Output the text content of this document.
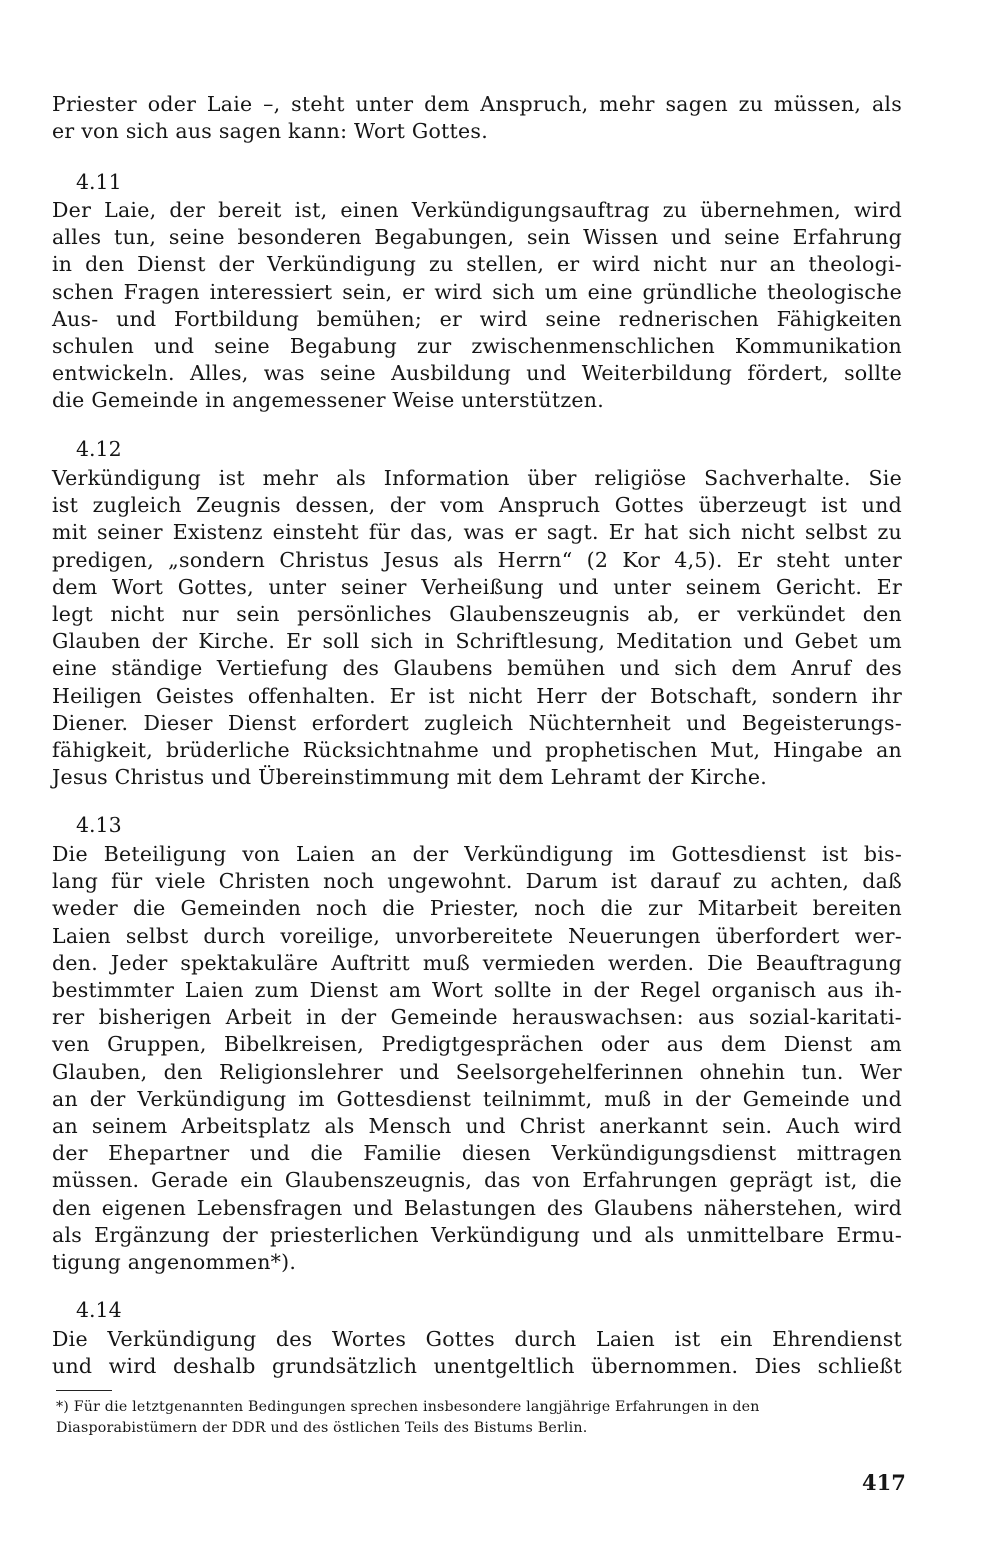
Priester oder Laie –, steht unter dem Anspruch, mehr sagen zu müssen, als
er von sich aus sagen kann: Wort Gottes.

4.11

Der Laie, der bereit ist, einen Verkündigungsauftrag zu übernehmen, wird
alles tun, seine besonderen Begabungen, sein Wissen und seine Erfahrung
in den Dienst der Verkündigung zu stellen, er wird nicht nur an theologi-
schen Fragen interessiert sein, er wird sich um eine gründliche theologische
Aus- und Fortbildung bemühen; er wird seine rednerischen Fähigkeiten
schulen und seine Begabung zur zwischenmenschlichen Kommunikation
entwickeln. Alles, was seine Ausbildung und Weiterbildung fördert, sollte
die Gemeinde in angemessener Weise unterstützen.

4.12

Verkündigung ist mehr als Information über religiöse Sachverhalte. Sie
ist zugleich Zeugnis dessen, der vom Anspruch Gottes überzeugt ist und
mit seiner Existenz einsteht für das, was er sagt. Er hat sich nicht selbst zu
predigen, „sondern Christus Jesus als Herrn“ (2 Kor 4,5). Er steht unter
dem Wort Gottes, unter seiner Verheißung und unter seinem Gericht. Er
legt nicht nur sein persönliches Glaubenszeugnis ab, er verkündet den
Glauben der Kirche. Er soll sich in Schriftlesung, Meditation und Gebet um
eine ständige Vertiefung des Glaubens bemühen und sich dem Anruf des
Heiligen Geistes offenhalten. Er ist nicht Herr der Botschaft, sondern ihr
Diener. Dieser Dienst erfordert zugleich Nüchternheit und Begeisterungs-
fähigkeit, brüderliche Rücksichtnahme und prophetischen Mut, Hingabe an
Jesus Christus und Übereinstimmung mit dem Lehramt der Kirche.

4.13

Die Beteiligung von Laien an der Verkündigung im Gottesdienst ist bis-
lang für viele Christen noch ungewohnt. Darum ist darauf zu achten, daß
weder die Gemeinden noch die Priester, noch die zur Mitarbeit bereiten
Laien selbst durch voreilige, unvorbereitete Neuerungen überfordert wer-
den. Jeder spektakuläre Auftritt muß vermieden werden. Die Beauftragung
bestimmter Laien zum Dienst am Wort sollte in der Regel organisch aus ih-
rer bisherigen Arbeit in der Gemeinde herauswachsen: aus sozial-karitati-
ven Gruppen, Bibelkreisen, Predigtgesprächen oder aus dem Dienst am
Glauben, den Religionslehrer und Seelsorgehelferinnen ohnehin tun. Wer
an der Verkündigung im Gottesdienst teilnimmt, muß in der Gemeinde und
an seinem Arbeitsplatz als Mensch und Christ anerkannt sein. Auch wird
der Ehepartner und die Familie diesen Verkündigungsdienst mittragen
müssen. Gerade ein Glaubenszeugnis, das von Erfahrungen geprägt ist, die
den eigenen Lebensfragen und Belastungen des Glaubens näherstehen, wird
als Ergänzung der priesterlichen Verkündigung und als unmittelbare Ermu-
tigung angenommen*).

4.14

Die Verkündigung des Wortes Gottes durch Laien ist ein Ehrendienst
und wird deshalb grundsätzlich unentgeltlich übernommen. Dies schließt

*) Für die letztgenannten Bedingungen sprechen insbesondere langjährige Erfahrungen in den
Diasporabistümern der DDR und des östlichen Teils des Bistums Berlin.

417
